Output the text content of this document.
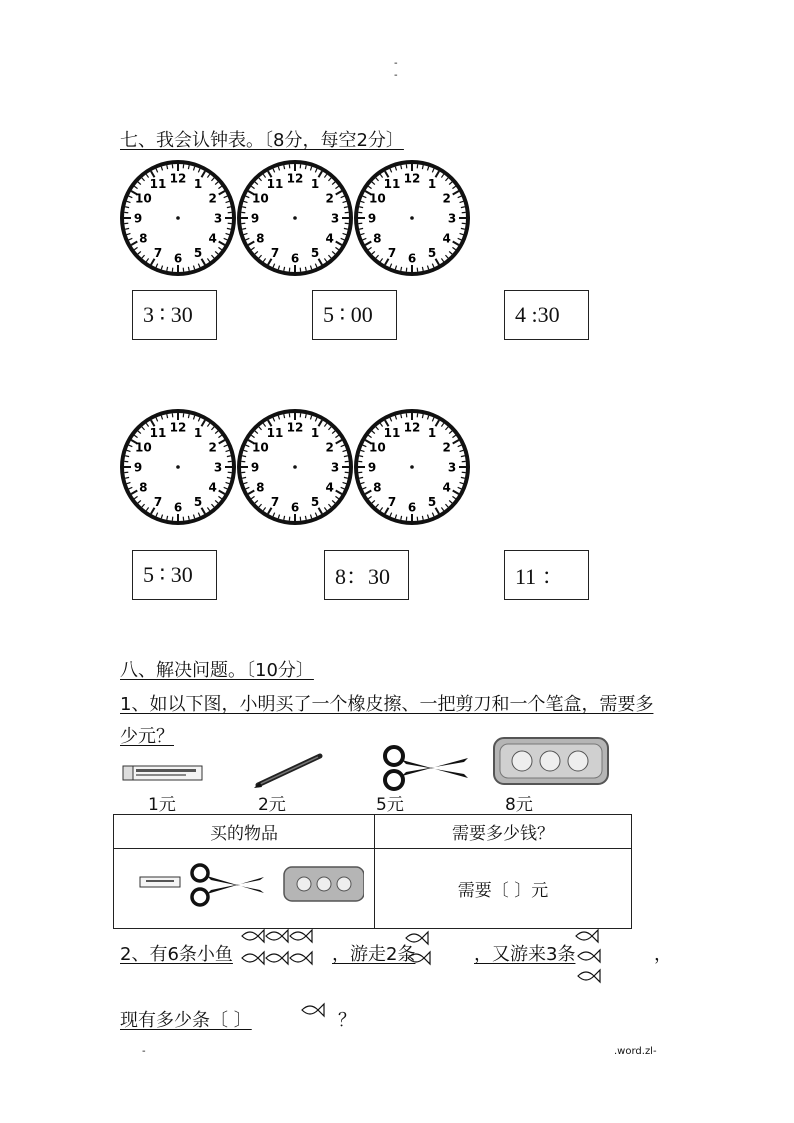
-
-
七、我会认钟表。〔8分，每空2分〕
12 1
2
3
4
5
6
7
8
9
10
11	12 1
2
3
4
5
6
7
8
9
10
11	12 1
2
3
4
5
6
7
8
9
10
11
3 ∶ 30	5 ∶ 00	4 :30
12 1
2
3
4
5
6
7
8
9
10
11	12 1
2
3
4
5
6
7
8
9
10
11	12 1
2
3
4
5
6
7
8
9
10
11
5 ∶ 30	8：30	11 ：
八、解决问题。〔10分〕
1、如以下图，小明买了一个橡皮擦、一把剪刀和一个笔盒，需要多
少元？
1元	2元	5元	8元
买的物品	需要多少钱？
	需要〔 〕元
2、有6条小鱼	，游走2条	，又游来3条	，
现有多少条〔 〕	？
-	.word.zl-
